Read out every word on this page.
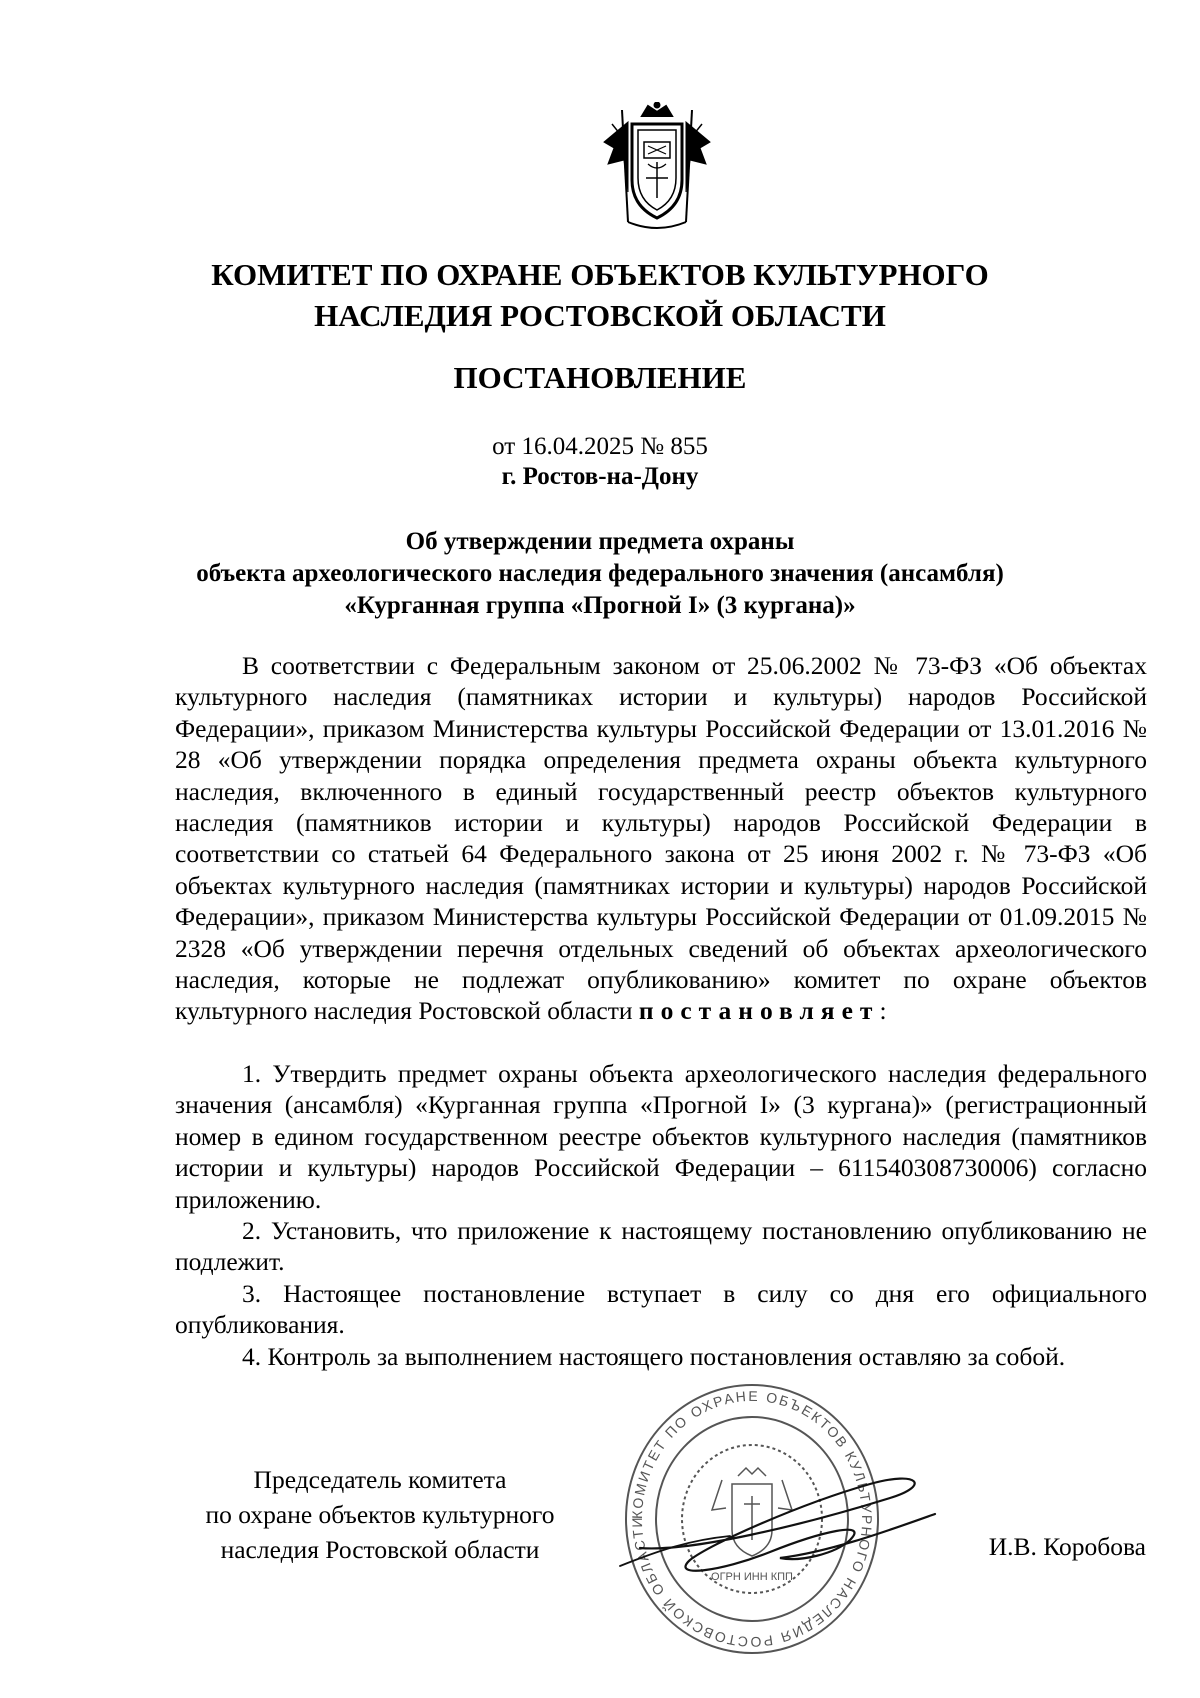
КОМИТЕТ ПО ОХРАНЕ ОБЪЕКТОВ КУЛЬТУРНОГО
НАСЛЕДИЯ РОСТОВСКОЙ ОБЛАСТИ
ПОСТАНОВЛЕНИЕ
от 16.04.2025 № 855
г. Ростов-на-Дону
Об утверждении предмета охраны
объекта археологического наследия федерального значения (ансамбля)
«Курганная группа «Прогной I» (3 кургана)»

В соответствии с Федеральным законом от 25.06.2002 № 73-ФЗ «Об объектах культурного наследия (памятниках истории и культуры) народов Российской Федерации», приказом Министерства культуры Российской Федерации от 13.01.2016 № 28 «Об утверждении порядка определения предмета охраны объекта культурного наследия, включенного в единый государственный реестр объектов культурного наследия (памятников истории и культуры) народов Российской Федерации в соответствии со статьей 64 Федерального закона от 25 июня 2002 г. № 73-ФЗ «Об объектах культурного наследия (памятниках истории и культуры) народов Российской Федерации», приказом Министерства культуры Российской Федерации от 01.09.2015 № 2328 «Об утверждении перечня отдельных сведений об объектах археологического наследия, которые не подлежат опубликованию» комитет по охране объектов культурного наследия Ростовской области постановляет:

1. Утвердить предмет охраны объекта археологического наследия федерального значения (ансамбля) «Курганная группа «Прогной I» (3 кургана)» (регистрационный номер в едином государственном реестре объектов культурного наследия (памятников истории и культуры) народов Российской Федерации – 611540308730006) согласно приложению.

2. Установить, что приложение к настоящему постановлению опубликованию не подлежит.

3. Настоящее постановление вступает в силу со дня его официального опубликования.

4. Контроль за выполнением настоящего постановления оставляю за собой.

КОМИТЕТ ПО ОХРАНЕ ОБЪЕКТОВ КУЛЬТУРНОГО НАСЛЕДИЯ РОСТОВСКОЙ ОБЛАСТИ
ОГРН ИНН КПП
Председатель комитета
по охране объектов культурного
наследия Ростовской области	И.В. Коробова
